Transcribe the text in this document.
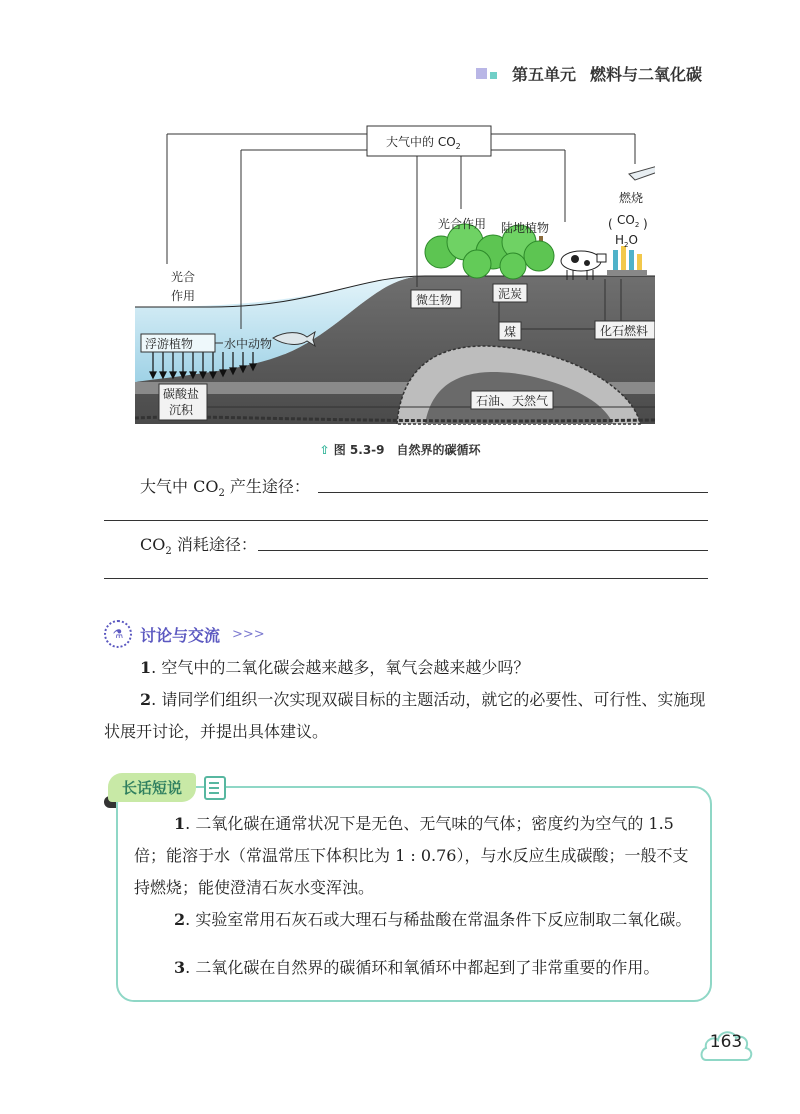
第五单元 燃料与二氧化碳
大气中的 $CO_2$
光合
作用
光合作用 陆地植物
燃烧
$CO_2$
$H_2O$
(	)
微生物	泥炭
煤	化石燃料
浮游植物	水中动物
碳酸盐
沉积
石油、天然气
⇧ 图 5.3-9　自然界的碳循环
大气中 $CO_2$ 产生途径：
$CO_2$ 消耗途径：
⚗	讨论与交流 >>>
1. 空气中的二氧化碳会越来越多，氧气会越来越少吗？
2. 请同学们组织一次实现双碳目标的主题活动，就它的必要性、可行性、实施现状展开讨论，并提出具体建议。
长话短说
1. 二氧化碳在通常状况下是无色、无气味的气体；密度约为空气的 1.5 倍；能溶于水（常温常压下体积比为 1 : 0.76），与水反应生成碳酸；一般不支持燃烧；能使澄清石灰水变浑浊。
2. 实验室常用石灰石或大理石与稀盐酸在常温条件下反应制取二氧化碳。
3. 二氧化碳在自然界的碳循环和氧循环中都起到了非常重要的作用。
163
